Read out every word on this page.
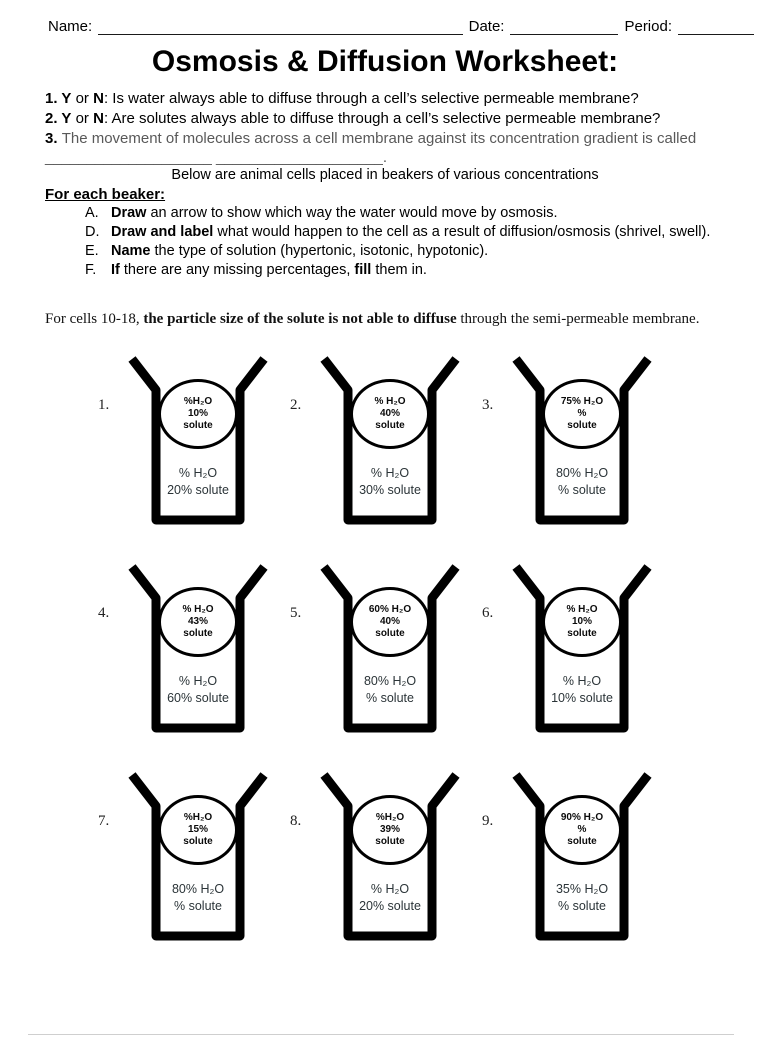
Name:	Date:	Period:
Osmosis & Diffusion Worksheet:
1. Y or N: Is water always able to diffuse through a cell’s selective permeable membrane?
2. Y or N: Are solutes always able to diffuse through a cell’s selective permeable membrane?
3. The movement of molecules across a cell membrane against its concentration gradient is called
____________________ ____________________.
Below are animal cells placed in beakers of various concentrations
For each beaker:
A. Draw an arrow to show which way the water would move by osmosis.
D. Draw and label what would happen to the cell as a result of diffusion/osmosis (shrivel, swell).
E. Name the type of solution (hypertonic, isotonic, hypotonic).
F. If there are any missing percentages, fill them in.
For cells 10-18, the particle size of the solute is not able to diffuse through the semi-permeable membrane.
1.	%H₂O
10%
solute
% H₂O
20% solute
2.	% H₂O
40%
solute
% H₂O
30% solute
3.	75% H₂O
%
solute
80% H₂O
% solute
4.	% H₂O
43%
solute
% H₂O
60% solute
5.	60% H₂O
40%
solute
80% H₂O
% solute
6.	% H₂O
10%
solute
% H₂O
10% solute
7.	%H₂O
15%
solute
80% H₂O
% solute
8.	%H₂O
39%
solute
% H₂O
20% solute
9.	90% H₂O
%
solute
35% H₂O
% solute
